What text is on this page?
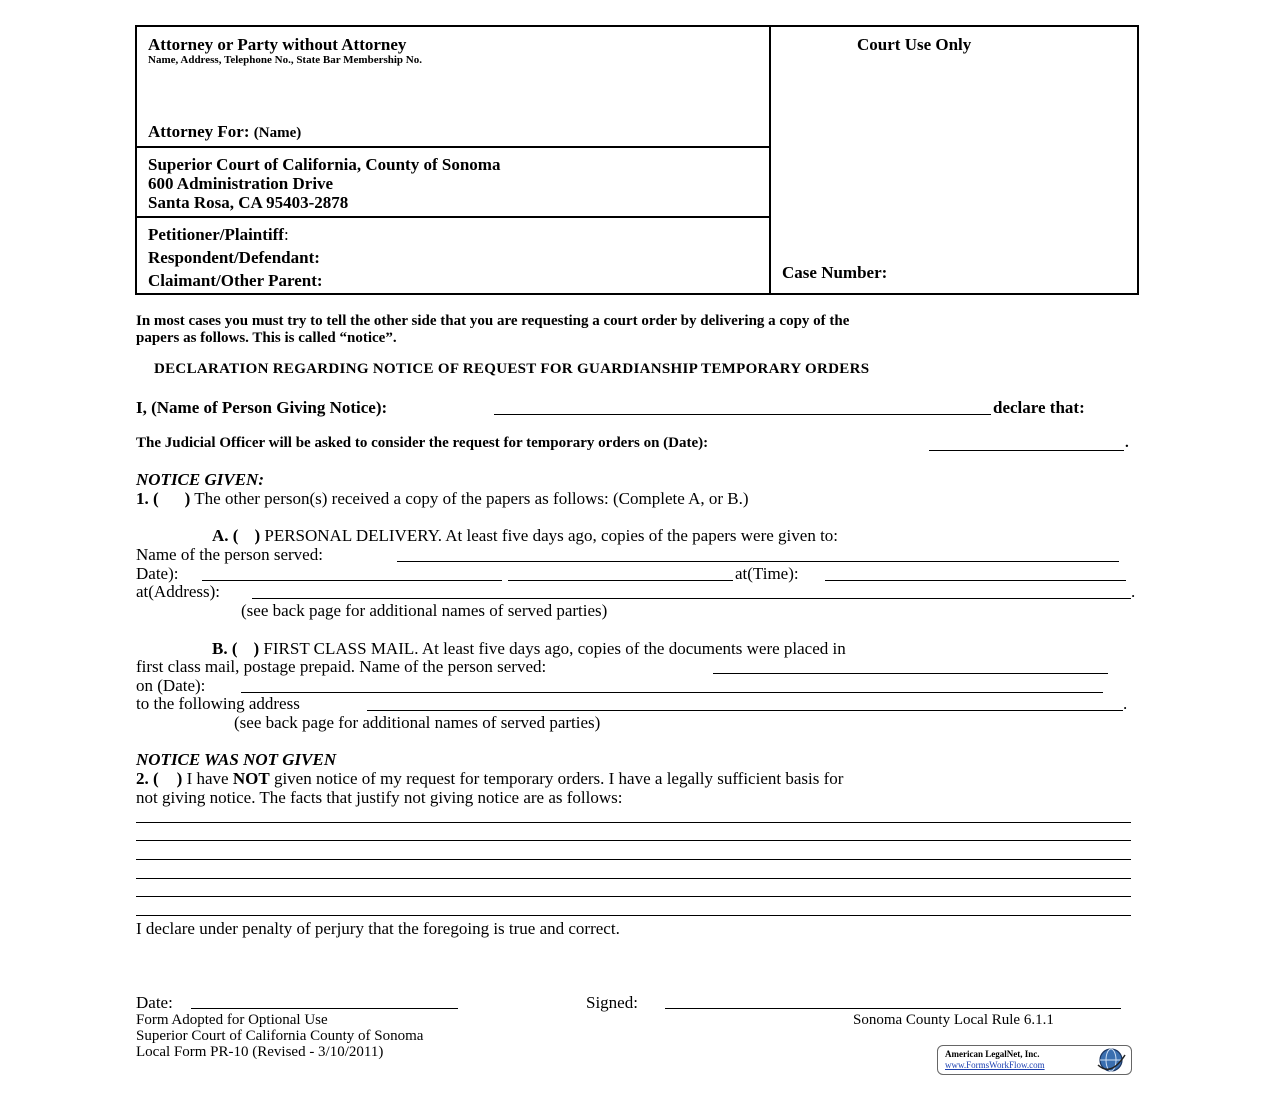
Attorney or Party without Attorney
Name, Address, Telephone No., State Bar Membership No.
Attorney For: (Name)
Court Use Only
Superior Court of California, County of Sonoma
600 Administration Drive
Santa Rosa, CA 95403-2878
Petitioner/Plaintiff:
Respondent/Defendant:
Claimant/Other Parent:	Case Number:
In most cases you must try to tell the other side that you are requesting a court order by delivering a copy of the
papers as follows. This is called “notice”.
DECLARATION REGARDING NOTICE OF REQUEST FOR GUARDIANSHIP TEMPORARY ORDERS
I, (Name of Person Giving Notice):	declare that:
The Judicial Officer will be asked to consider the request for temporary orders on (Date):	.
NOTICE GIVEN:
1. ( ) The other person(s) received a copy of the papers as follows: (Complete A, or B.)
A. ( ) PERSONAL DELIVERY. At least five days ago, copies of the papers were given to:
Name of the person served:
Date):	at(Time):
at(Address):	.
(see back page for additional names of served parties)
B. ( ) FIRST CLASS MAIL. At least five days ago, copies of the documents were placed in
first class mail, postage prepaid. Name of the person served:
on (Date):
to the following address	.
(see back page for additional names of served parties)
NOTICE WAS NOT GIVEN
2. ( ) I have NOT given notice of my request for temporary orders. I have a legally sufficient basis for
not giving notice. The facts that justify not giving notice are as follows:
I declare under penalty of perjury that the foregoing is true and correct.
Date:	Signed:
Form Adopted for Optional Use
Superior Court of California County of Sonoma
Local Form PR-10 (Revised - 3/10/2011)
Sonoma County Local Rule 6.1.1
American LegalNet, Inc.
www.FormsWorkFlow.com
